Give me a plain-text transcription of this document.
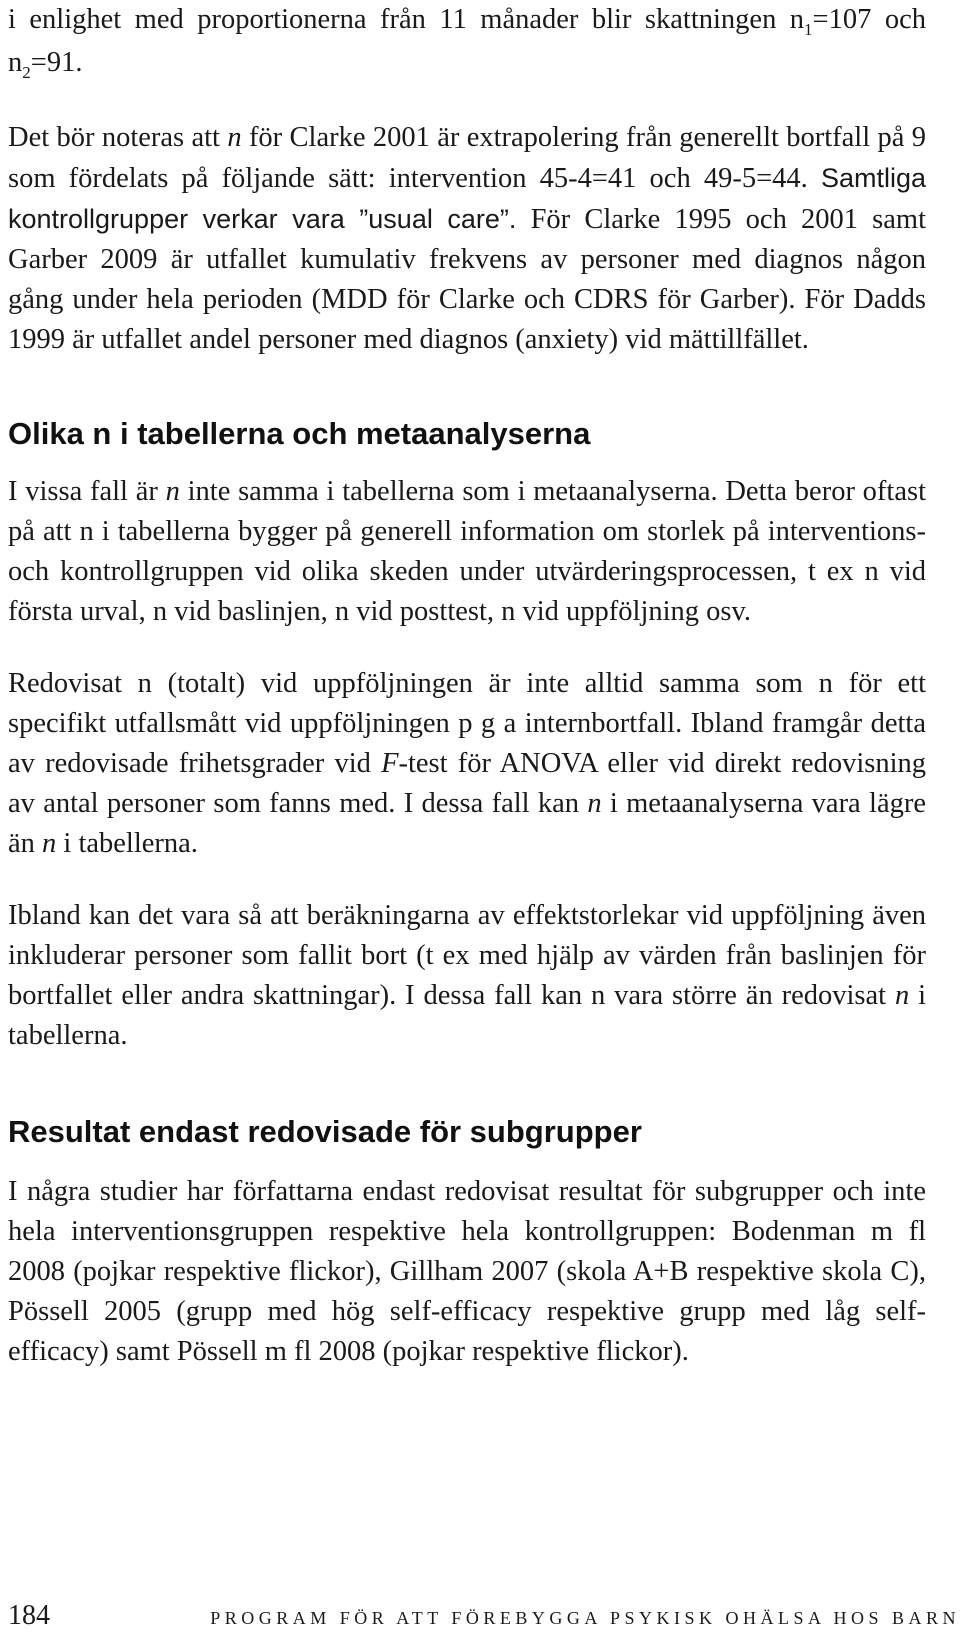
i enlighet med proportionerna från 11 månader blir skattningen $n_1=107$ och $n_2=91$.

Det bör noteras att n för Clarke 2001 är extrapolering från generellt bortfall på 9 som fördelats på följande sätt: intervention 45-4=41 och 49-5=44. Samtliga kontrollgrupper verkar vara ”usual care”. För Clarke 1995 och 2001 samt Garber 2009 är utfallet kumulativ frekvens av personer med diagnos någon gång under hela perioden (MDD för Clarke och CDRS för Garber). För Dadds 1999 är utfallet andel personer med diagnos (anxiety) vid mättillfället.

Olika n i tabellerna och metaanalyserna

I vissa fall är n inte samma i tabellerna som i metaanalyserna. Detta beror oftast på att n i tabellerna bygger på generell information om storlek på interventions- och kontrollgruppen vid olika skeden under utvärderingsprocessen, t ex n vid första urval, n vid baslinjen, n vid posttest, n vid uppföljning osv.

Redovisat n (totalt) vid uppföljningen är inte alltid samma som n för ett specifikt utfallsmått vid uppföljningen p g a internbortfall. Ibland framgår detta av redovisade frihetsgrader vid F-test för ANOVA eller vid direkt redovisning av antal personer som fanns med. I dessa fall kan n i metaanalyserna vara lägre än n i tabellerna.

Ibland kan det vara så att beräkningarna av effektstorlekar vid uppföljning även inkluderar personer som fallit bort (t ex med hjälp av värden från baslinjen för bortfallet eller andra skattningar). I dessa fall kan n vara större än redovisat n i tabellerna.

Resultat endast redovisade för subgrupper

I några studier har författarna endast redovisat resultat för subgrupper och inte hela interventionsgruppen respektive hela kontrollgruppen: Bodenman m fl 2008 (pojkar respektive flickor), Gillham 2007 (skola A+B respektive skola C), Pössell 2005 (grupp med hög self-efficacy respektive grupp med låg self-efficacy) samt Pössell m fl 2008 (pojkar respektive flickor).

184	PROGRAM FÖR ATT FÖREBYGGA PSYKISK OHÄLSA HOS BARN
